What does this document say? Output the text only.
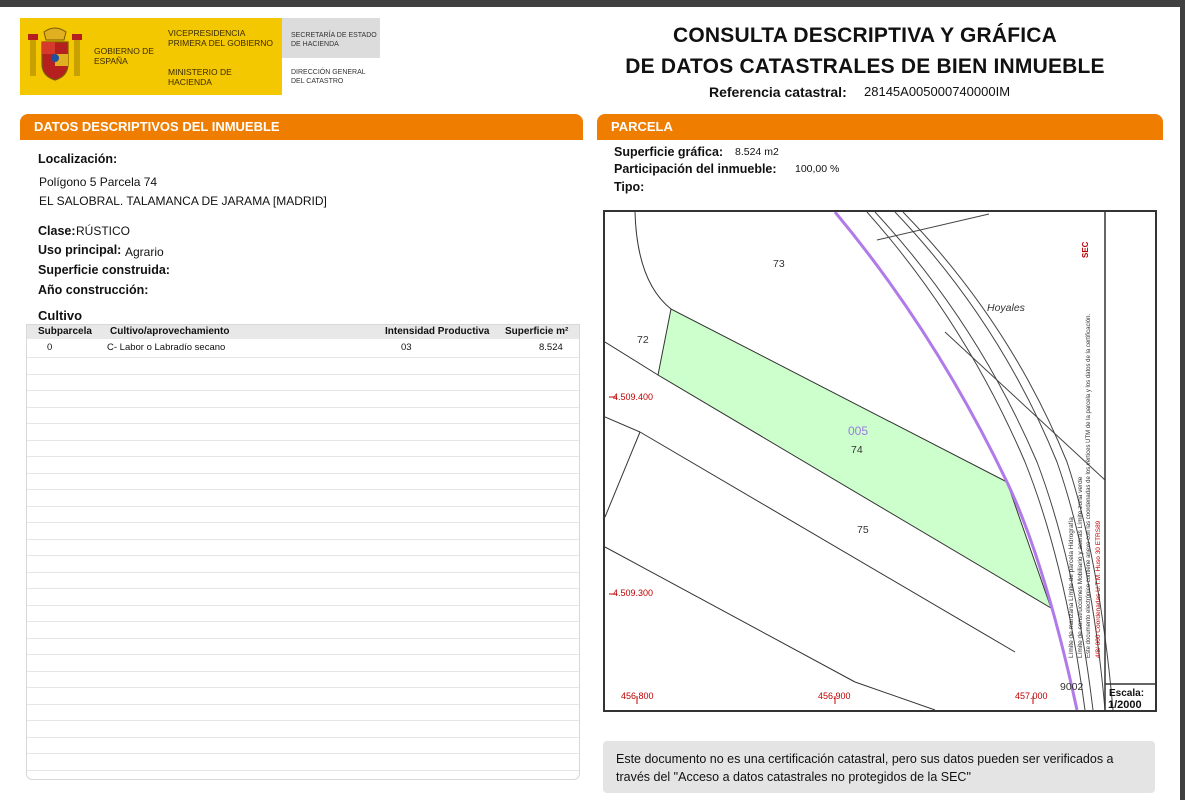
GOBIERNO DE ESPAÑA
VICEPRESIDENCIA PRIMERA DEL GOBIERNO
MINISTERIO DE HACIENDA
SECRETARÍA DE ESTADO DE HACIENDA
DIRECCIÓN GENERAL DEL CATASTRO
CONSULTA DESCRIPTIVA Y GRÁFICA
DE DATOS CATASTRALES DE BIEN INMUEBLE
Referencia catastral: 28145A005000740000IM
DATOS DESCRIPTIVOS DEL INMUEBLE
Localización:
Polígono 5 Parcela 74
EL SALOBRAL. TALAMANCA DE JARAMA [MADRID]
Clase: RÚSTICO
Uso principal: Agrario
Superficie construida:
Año construcción:
Cultivo
Subparcela Cultivo/aprovechamiento	Intensidad Productiva Superficie m²
0	C- Labor o Labradío secano	03	8.524
PARCELA
Superficie gráfica: 8.524 m2
Participación del inmueble: 100,00 %
Tipo:
73
72
74
75
9002
005
Hoyales
4.509.400
4.509.300
456.800	456.900	457.000
Límite de manzana Límite de parcela Hidrografía Límite de construcciones Mobiliario y aceras Límite zona verde Este documento electrónico contiene anexo con las coordenadas de los vértices UTM de la parcela y los datos de la certificación. 4/8/ 000 Coordenadas U.T.M. Huso 30 ETRS89
SEC
Escala:
1/2000
Este documento no es una certificación catastral, pero sus datos pueden ser verificados a través del "Acceso a datos catastrales no protegidos de la SEC"
